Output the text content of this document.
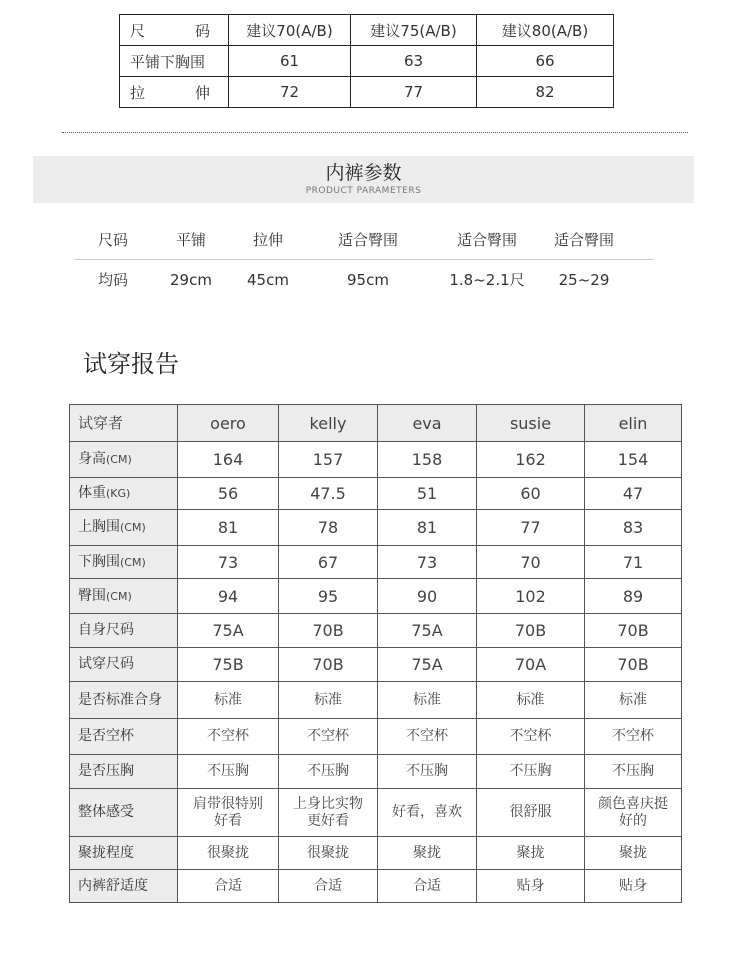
尺码	建议70(A/B)	建议75(A/B)	建议80(A/B)
平铺下胸围	61	63	66
拉伸	72	77	82
内裤参数
PRODUCT PARAMETERS
尺码	平铺	拉伸	适合臀围	适合臀围	适合臀围
均码	29cm	45cm	95cm	1.8~2.1尺	25~29
试穿报告
试穿者	oero	kelly	eva	susie	elin
身高(CM)	164	157	158	162	154
体重(KG)	56	47.5	51	60	47
上胸围(CM)	81	78	81	77	83
下胸围(CM)	73	67	73	70	71
臀围(CM)	94	95	90	102	89
自身尺码	75A	70B	75A	70B	70B
试穿尺码	75B	70B	75A	70A	70B
是否标准合身	标准	标准	标准	标准	标准
是否空杯	不空杯	不空杯	不空杯	不空杯	不空杯
是否压胸	不压胸	不压胸	不压胸	不压胸	不压胸
整体感受	肩带很特别好看	上身比实物更好看	好看，喜欢	很舒服	颜色喜庆挺好的
聚拢程度	很聚拢	很聚拢	聚拢	聚拢	聚拢
内裤舒适度	合适	合适	合适	贴身	贴身
